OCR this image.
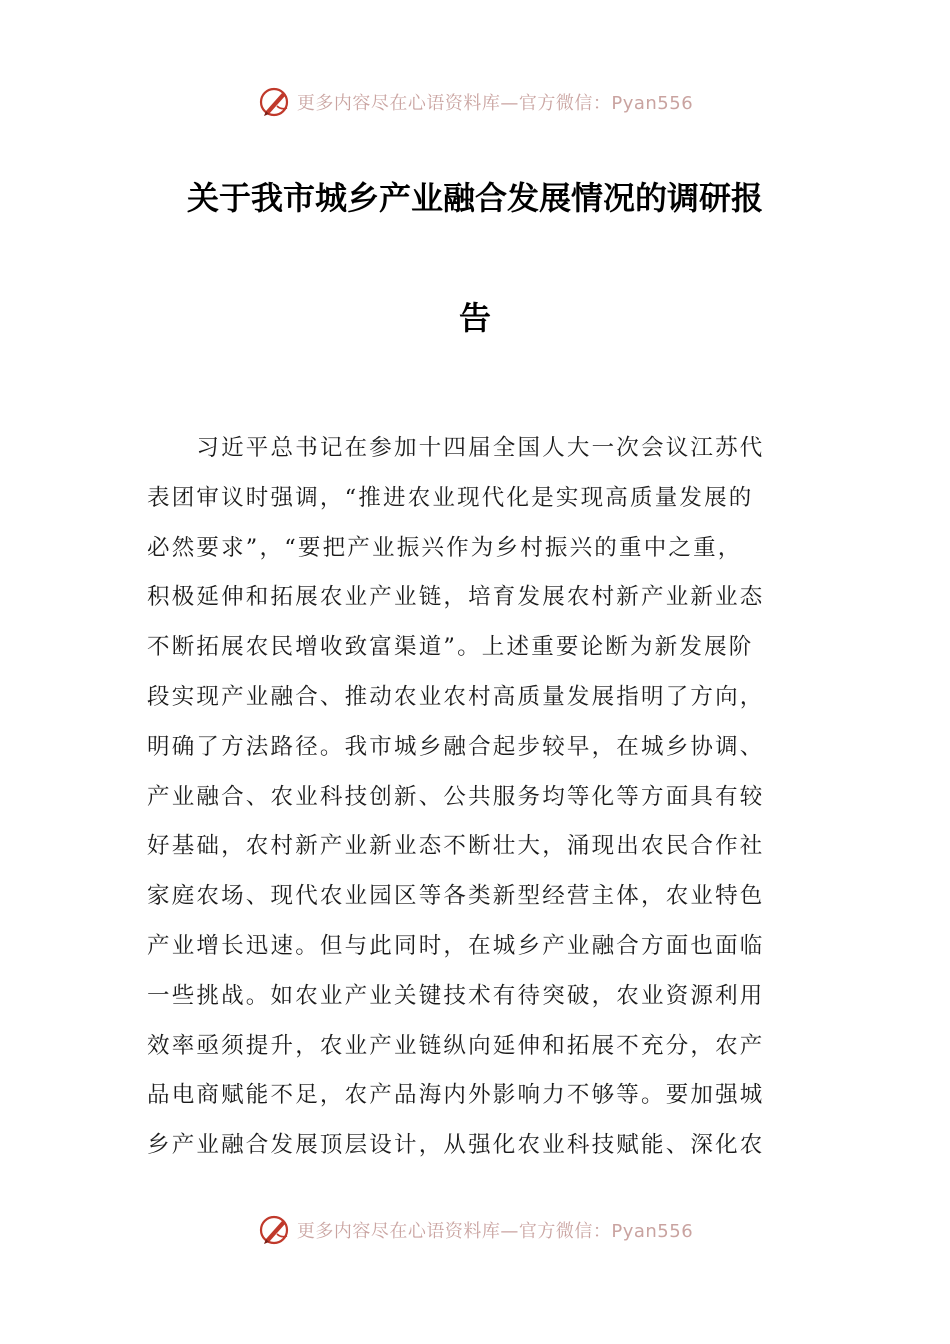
更多内容尽在心语资料库—官方微信：Pyan556
关于我市城乡产业融合发展情况的调研报
告
　　习近平总书记在参加十四届全国人大一次会议江苏代
表团审议时强调，“推进农业现代化是实现高质量发展的
必然要求”，“要把产业振兴作为乡村振兴的重中之重，
积极延伸和拓展农业产业链，培育发展农村新产业新业态
不断拓展农民增收致富渠道”。上述重要论断为新发展阶
段实现产业融合、推动农业农村高质量发展指明了方向，
明确了方法路径。我市城乡融合起步较早，在城乡协调、
产业融合、农业科技创新、公共服务均等化等方面具有较
好基础，农村新产业新业态不断壮大，涌现出农民合作社
家庭农场、现代农业园区等各类新型经营主体，农业特色
产业增长迅速。但与此同时，在城乡产业融合方面也面临
一些挑战。如农业产业关键技术有待突破，农业资源利用
效率亟须提升，农业产业链纵向延伸和拓展不充分，农产
品电商赋能不足，农产品海内外影响力不够等。要加强城
乡产业融合发展顶层设计，从强化农业科技赋能、深化农
更多内容尽在心语资料库—官方微信：Pyan556
